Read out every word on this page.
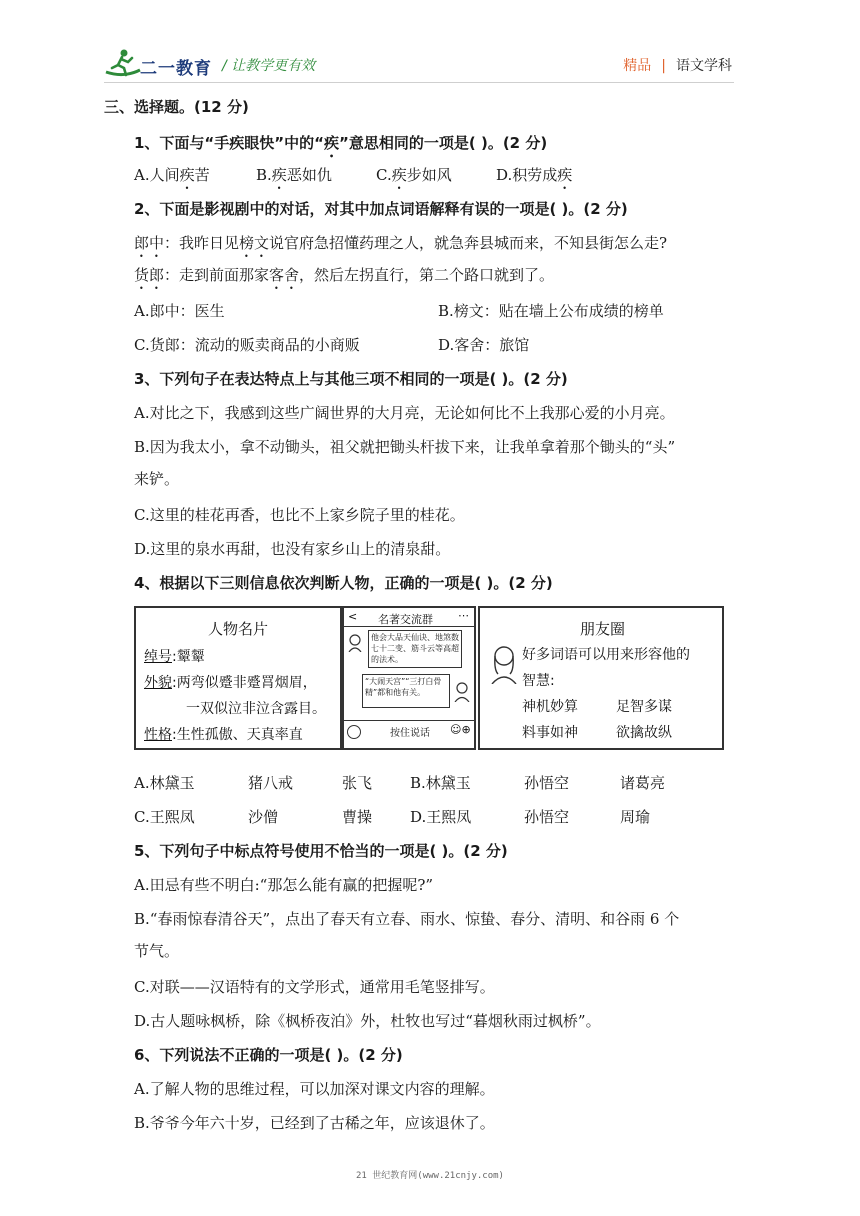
二一教育 / 让教学更有效	精品 | 语文学科
三、选择题。(12 分)
1、下面与“手疾眼快”中的“疾”意思相同的一项是( )。(2 分)
A.人间疾苦	B.疾恶如仇	C.疾步如风	D.积劳成疾
2、下面是影视剧中的对话，对其中加点词语解释有误的一项是( )。(2 分)
郎中：我昨日见榜文说官府急招懂药理之人，就急奔县城而来，不知县街怎么走?
货郎：走到前面那家客舍，然后左拐直行，第二个路口就到了。
A.郎中：医生	B.榜文：贴在墙上公布成绩的榜单
C.货郎：流动的贩卖商品的小商贩	D.客舍：旅馆
3、下列句子在表达特点上与其他三项不相同的一项是( )。(2 分)
A.对比之下，我感到这些广阔世界的大月亮，无论如何比不上我那心爱的小月亮。
B.因为我太小，拿不动锄头，祖父就把锄头杆拔下来，让我单拿着那个锄头的“头”
来铲。
C.这里的桂花再香，也比不上家乡院子里的桂花。
D.这里的泉水再甜，也没有家乡山上的清泉甜。
4、根据以下三则信息依次判断人物，正确的一项是( )。(2 分)
人物名片
绰号:颦颦
外貌:两弯似蹙非蹙罥烟眉，
一双似泣非泣含露目。
性格:生性孤傲、天真率直
< 名著交流群 ⋯
他会大品天仙诀、地煞数七十二变、筋斗云等高超的法术。
“大闹天宫”“三打白骨精”都和他有关。
按住说话 ☺⊕
朋友圈
好多词语可以用来形容他的
智慧:
神机妙算	足智多谋
料事如神	欲擒故纵
A.林黛玉	猪八戒	张飞	B.林黛玉	孙悟空	诸葛亮
C.王熙凤	沙僧	曹操	D.王熙凤	孙悟空	周瑜
5、下列句子中标点符号使用不恰当的一项是( )。(2 分)
A.田忌有些不明白:“那怎么能有赢的把握呢?”
B.“春雨惊春清谷天”，点出了春天有立春、雨水、惊蛰、春分、清明、和谷雨 6 个
节气。
C.对联——汉语特有的文学形式，通常用毛笔竖排写。
D.古人题咏枫桥，除《枫桥夜泊》外，杜牧也写过“暮烟秋雨过枫桥”。
6、下列说法不正确的一项是( )。(2 分)
A.了解人物的思维过程，可以加深对课文内容的理解。
B.爷爷今年六十岁，已经到了古稀之年，应该退休了。
21 世纪教育网(www.21cnjy.com)
